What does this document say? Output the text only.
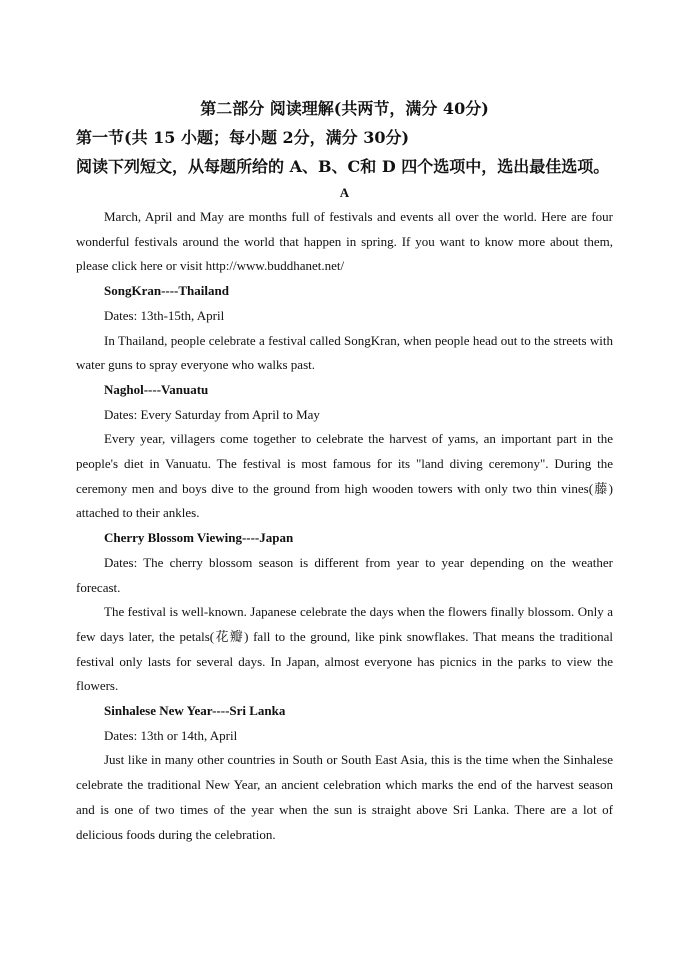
第二部分 阅读理解(共两节，满分 40分)

第一节(共 15 小题；每小题 2分，满分 30分)

阅读下列短文，从每题所给的 A、B、C和 D 四个选项中，选出最佳选项。

A

March, April and May are months full of festivals and events all over the world. Here are four wonderful festivals around the world that happen in spring. If you want to know more about them, please click here or visit http://www.buddhanet.net/

SongKran----Thailand

Dates: 13th-15th, April

In Thailand, people celebrate a festival called SongKran, when people head out to the streets with water guns to spray everyone who walks past.

Naghol----Vanuatu

Dates: Every Saturday from April to May

Every year, villagers come together to celebrate the harvest of yams, an important part in the people's diet in Vanuatu. The festival is most famous for its "land diving ceremony". During the ceremony men and boys dive to the ground from high wooden towers with only two thin vines(藤) attached to their ankles.

Cherry Blossom Viewing----Japan

Dates: The cherry blossom season is different from year to year depending on the weather forecast.

The festival is well-known. Japanese celebrate the days when the flowers finally blossom. Only a few days later, the petals(花瓣) fall to the ground, like pink snowflakes. That means the traditional festival only lasts for several days. In Japan, almost everyone has picnics in the parks to view the flowers.

Sinhalese New Year----Sri Lanka

Dates: 13th or 14th, April

Just like in many other countries in South or South East Asia, this is the time when the Sinhalese celebrate the traditional New Year, an ancient celebration which marks the end of the harvest season and is one of two times of the year when the sun is straight above Sri Lanka. There are a lot of delicious foods during the celebration.
